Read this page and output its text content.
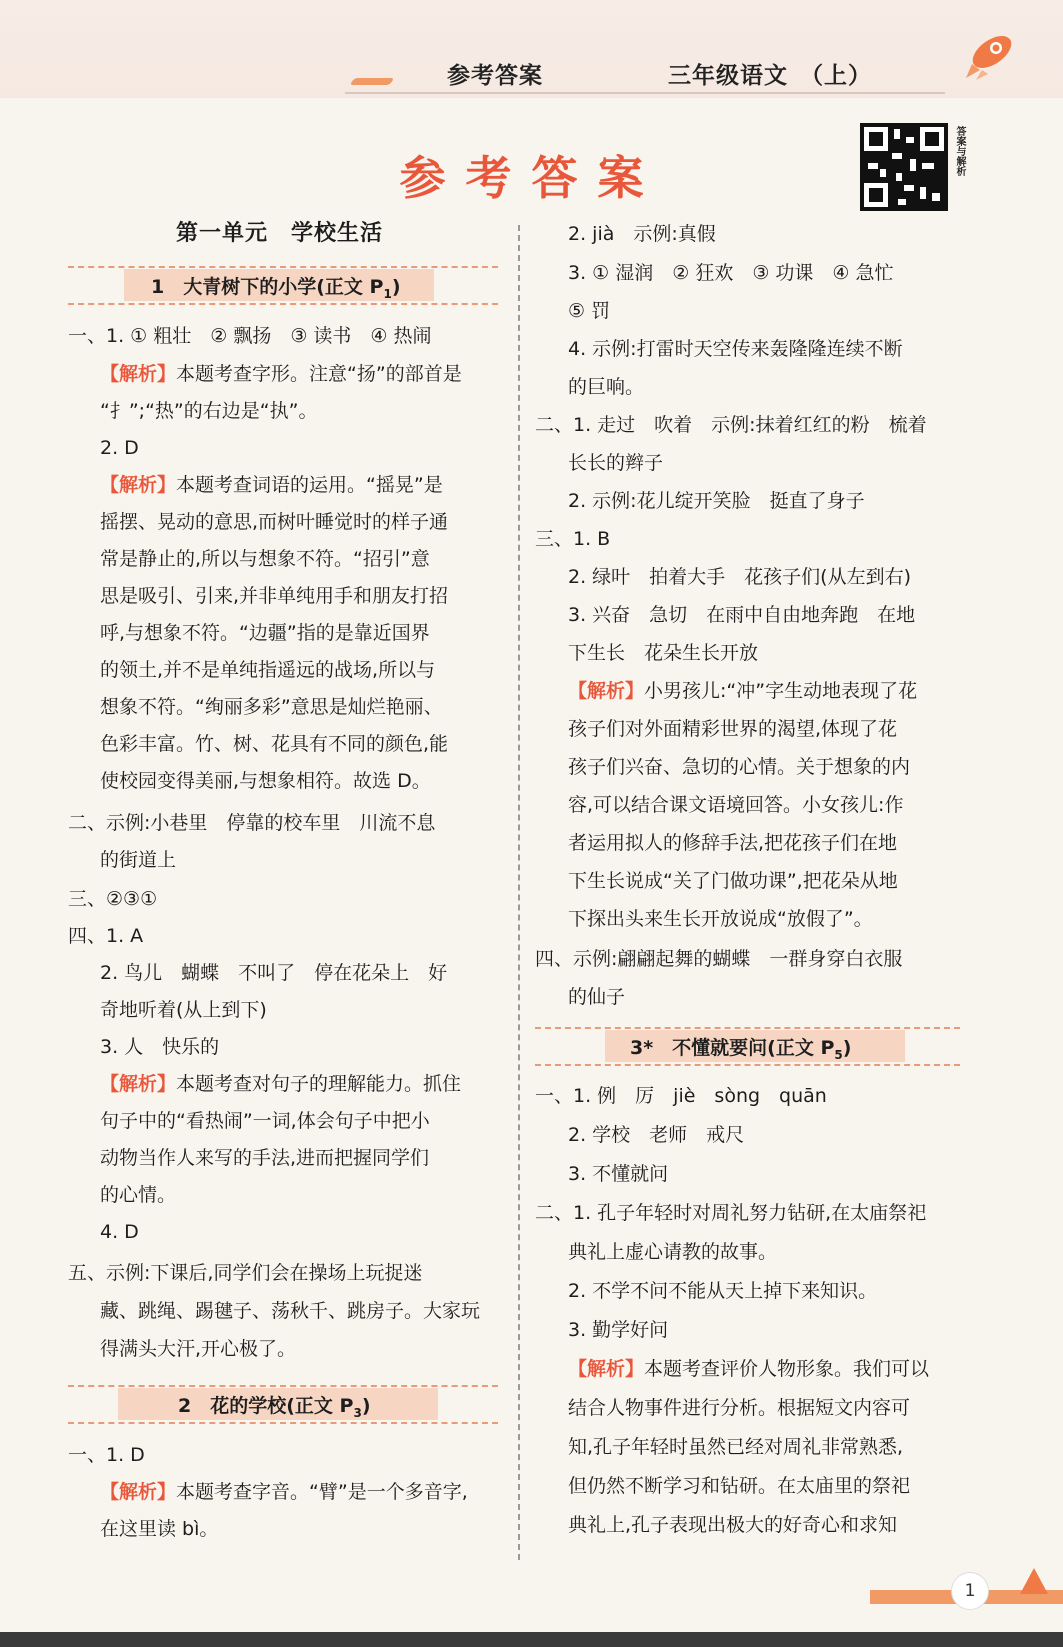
参考答案	三年级语文 （上）
参考答案	答案与解析
第一单元　学校生活
1　大青树下的小学(正文 $P_1$)
一、1. ① 粗壮　② 飘扬　③ 读书　④ 热闹
【解析】本题考查字形。注意“扬”的部首是
“扌”;“热”的右边是“执”。
2. D
【解析】本题考查词语的运用。“摇晃”是
摇摆、晃动的意思,而树叶睡觉时的样子通
常是静止的,所以与想象不符。“招引”意
思是吸引、引来,并非单纯用手和朋友打招
呼,与想象不符。“边疆”指的是靠近国界
的领土,并不是单纯指遥远的战场,所以与
想象不符。“绚丽多彩”意思是灿烂艳丽、
色彩丰富。竹、树、花具有不同的颜色,能
使校园变得美丽,与想象相符。故选 D。
二、示例:小巷里　停靠的校车里　川流不息
的街道上
三、②③①
四、1. A
2. 鸟儿　蝴蝶　不叫了　停在花朵上　好
奇地听着(从上到下)
3. 人　快乐的
【解析】本题考查对句子的理解能力。抓住
句子中的“看热闹”一词,体会句子中把小
动物当作人来写的手法,进而把握同学们
的心情。
4. D
五、示例:下课后,同学们会在操场上玩捉迷
藏、跳绳、踢毽子、荡秋千、跳房子。大家玩
得满头大汗,开心极了。
2　花的学校(正文 $P_3$)
一、1. D
【解析】本题考查字音。“臂”是一个多音字,
在这里读 bì。
2. jià　示例:真假
3. ① 湿润　② 狂欢　③ 功课　④ 急忙
⑤ 罚
4. 示例:打雷时天空传来轰隆隆连续不断
的巨响。
二、1. 走过　吹着　示例:抹着红红的粉　梳着
长长的辫子
2. 示例:花儿绽开笑脸　挺直了身子
三、1. B
2. 绿叶　拍着大手　花孩子们(从左到右)
3. 兴奋　急切　在雨中自由地奔跑　在地
下生长　花朵生长开放
【解析】小男孩儿:“冲”字生动地表现了花
孩子们对外面精彩世界的渴望,体现了花
孩子们兴奋、急切的心情。关于想象的内
容,可以结合课文语境回答。小女孩儿:作
者运用拟人的修辞手法,把花孩子们在地
下生长说成“关了门做功课”,把花朵从地
下探出头来生长开放说成“放假了”。
四、示例:翩翩起舞的蝴蝶　一群身穿白衣服
的仙子
3*　不懂就要问(正文 $P_5$)
一、1. 例　厉　jiè　sòng　quān
2. 学校　老师　戒尺
3. 不懂就问
二、1. 孔子年轻时对周礼努力钻研,在太庙祭祀
典礼上虚心请教的故事。
2. 不学不问不能从天上掉下来知识。
3. 勤学好问
【解析】本题考查评价人物形象。我们可以
结合人物事件进行分析。根据短文内容可
知,孔子年轻时虽然已经对周礼非常熟悉,
但仍然不断学习和钻研。在太庙里的祭祀
典礼上,孔子表现出极大的好奇心和求知
1
